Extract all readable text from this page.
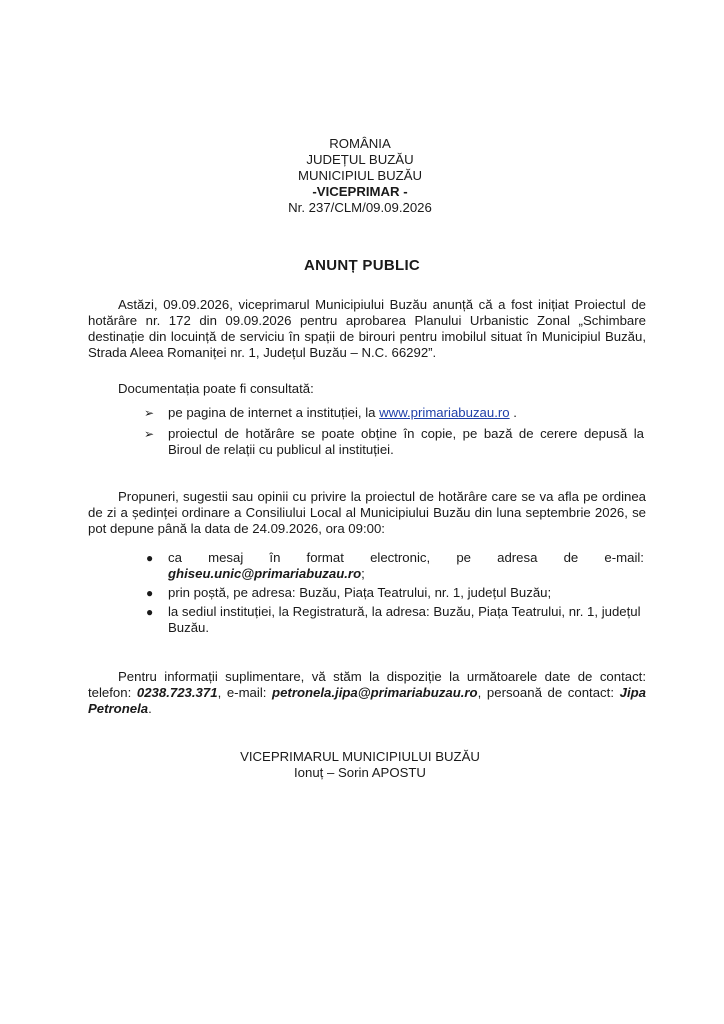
ROMÂNIA
JUDEȚUL BUZĂU
MUNICIPIUL BUZĂU
-VICEPRIMAR -
Nr. 237/CLM/09.09.2026
ANUNȚ PUBLIC

Astăzi, 09.09.2026, viceprimarul Municipiului Buzău anunță că a fost inițiat Proiectul de hotărâre nr. 172 din 09.09.2026 pentru aprobarea Planului Urbanistic Zonal „Schimbare destinație din locuință de serviciu în spații de birouri pentru imobilul situat în Municipiul Buzău, Strada Aleea Romaniței nr. 1, Județul Buzău – N.C. 66292”.

Documentația poate fi consultată:
➢ pe pagina de internet a instituției, la www.primariabuzau.ro .
➢ proiectul de hotărâre se poate obține în copie, pe bază de cerere depusă la Biroul de relații cu publicul al instituției.

Propuneri, sugestii sau opinii cu privire la proiectul de hotărâre care se va afla pe ordinea de zi a ședinței ordinare a Consiliului Local al Municipiului Buzău din luna septembrie 2026, se pot depune până la data de 24.09.2026, ora 09:00:

● ca mesaj în format electronic, pe adresa de e-mail:
ghiseu.unic@primariabuzau.ro;
● prin poștă, pe adresa: Buzău, Piața Teatrului, nr. 1, județul Buzău;
● la sediul instituției, la Registratură, la adresa: Buzău, Piața Teatrului, nr. 1, județul Buzău.

Pentru informații suplimentare, vă stăm la dispoziție la următoarele date de contact: telefon: 0238.723.371, e-mail: petronela.jipa@primariabuzau.ro, persoană de contact: Jipa Petronela.

VICEPRIMARUL MUNICIPIULUI BUZĂU
Ionuț – Sorin APOSTU
